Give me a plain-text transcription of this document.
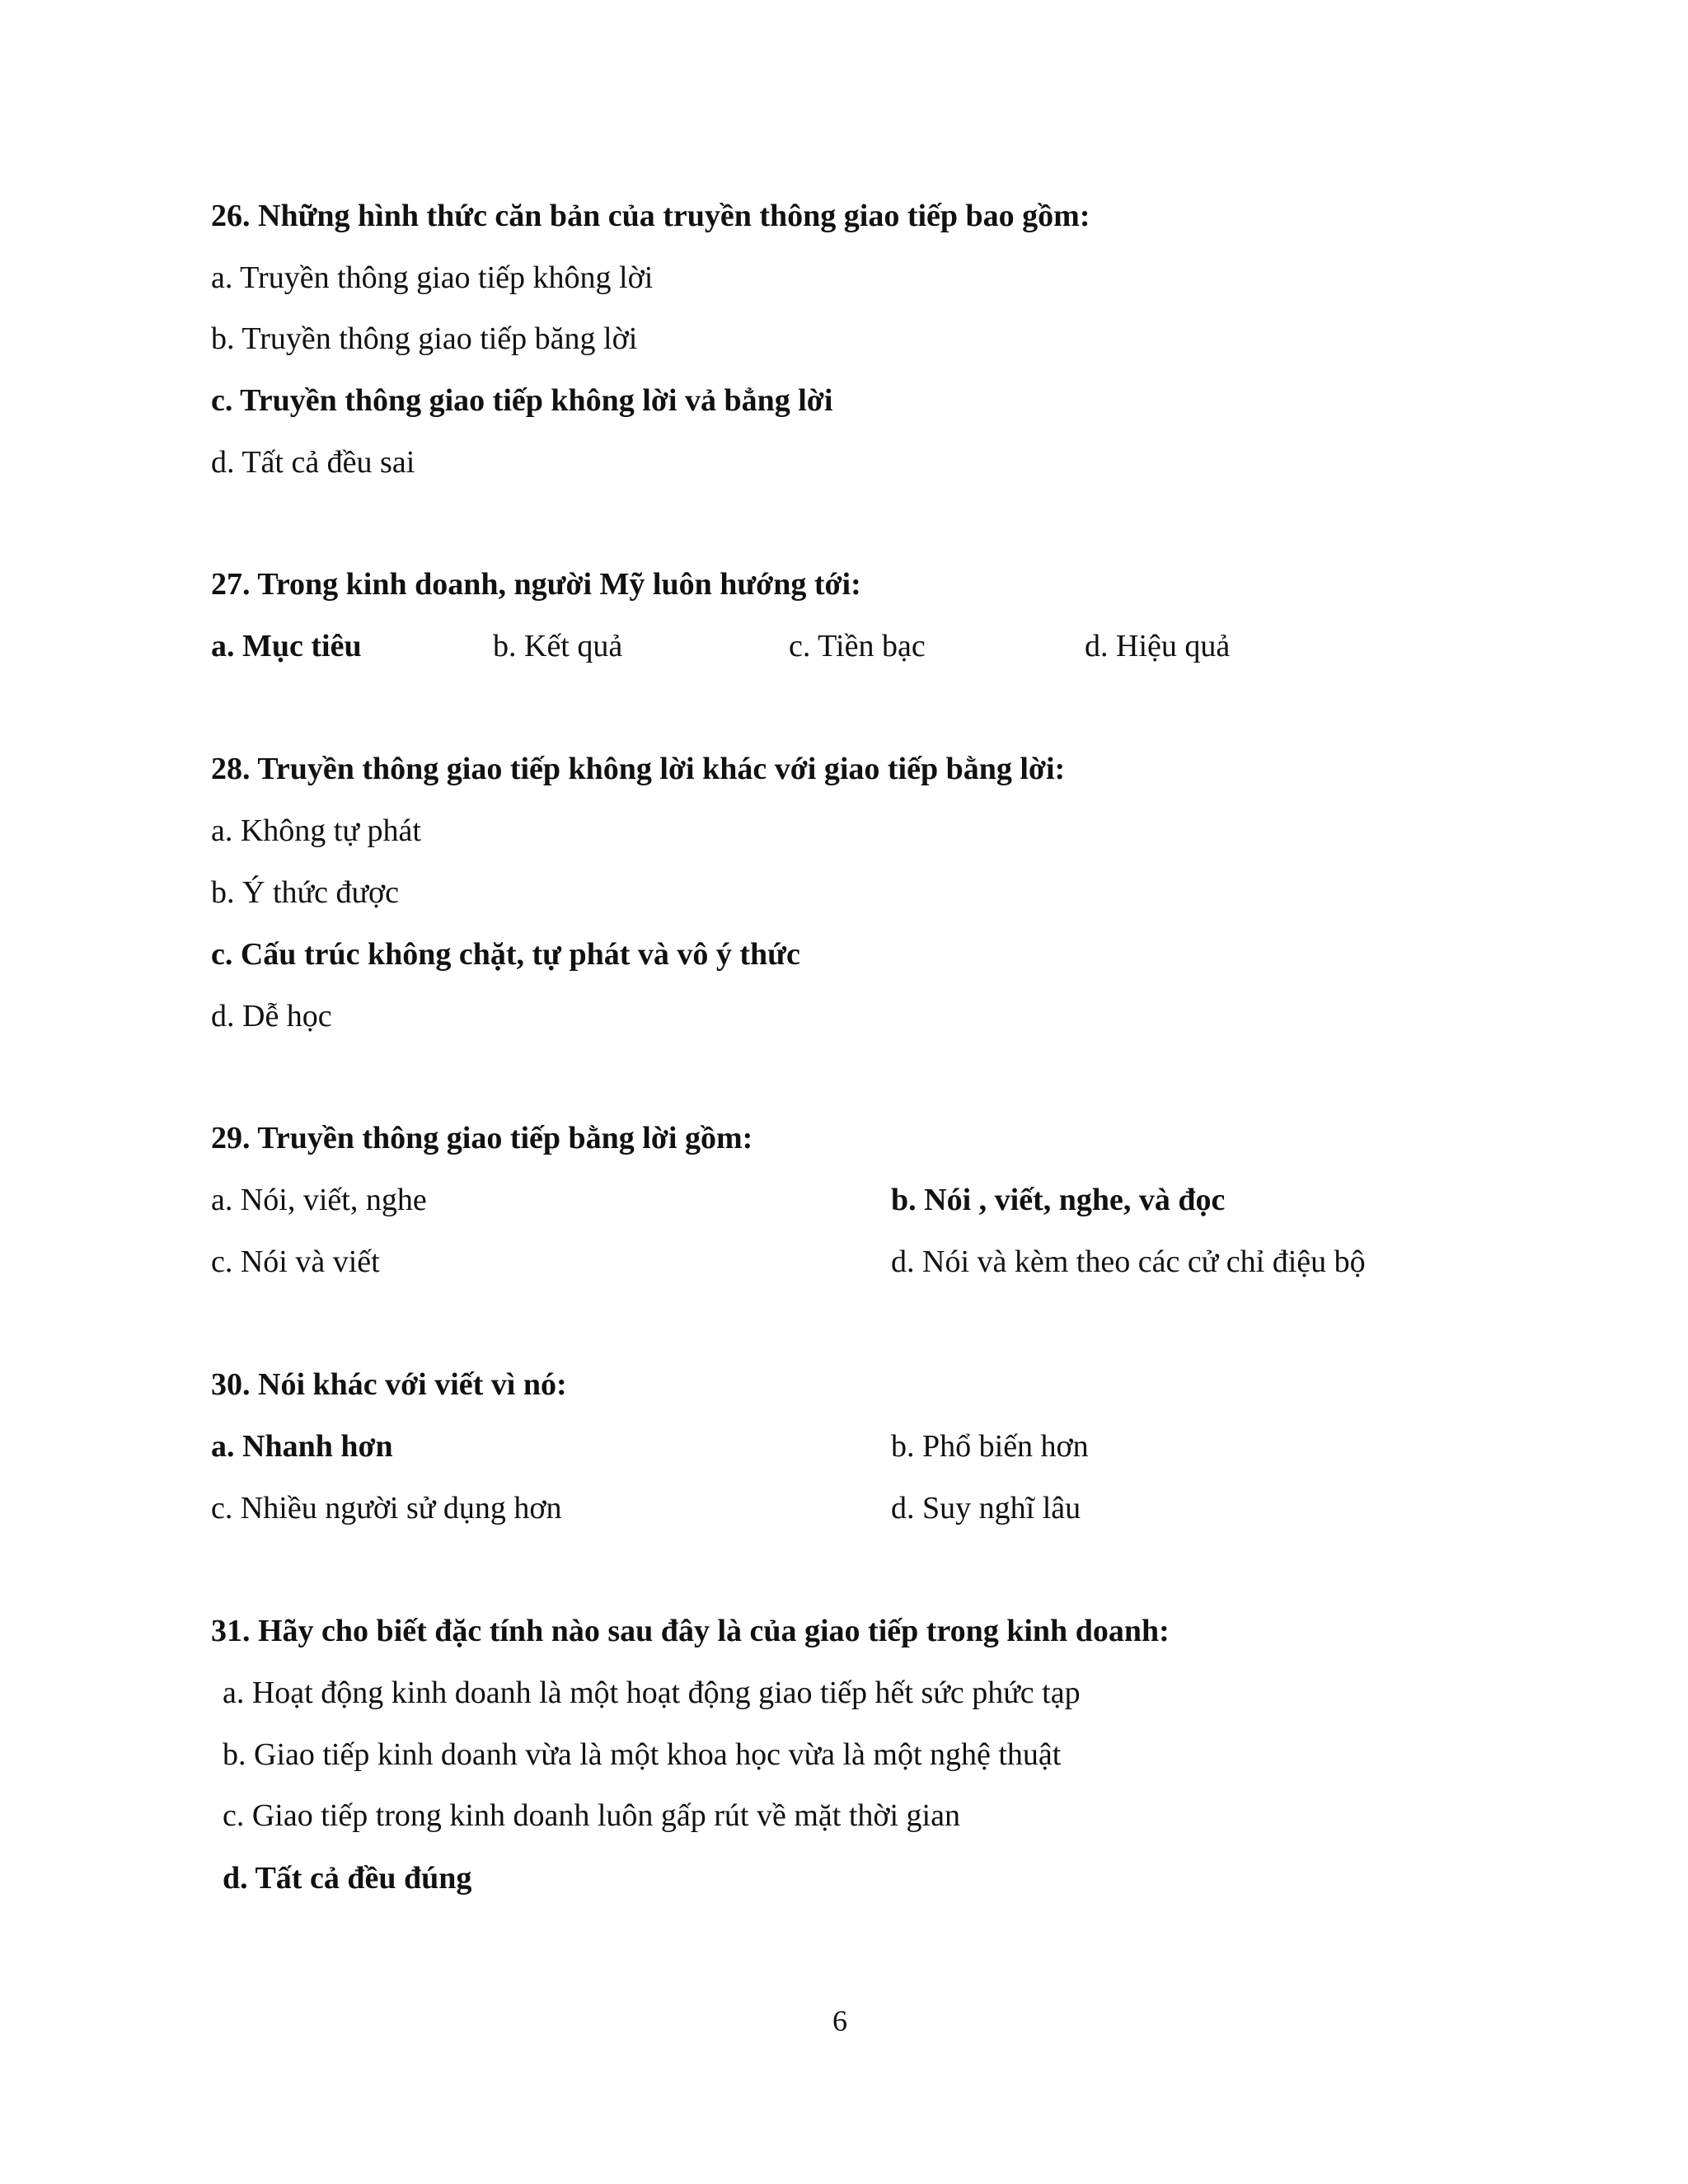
26. Những hình thức căn bản của truyền thông giao tiếp bao gồm:
a. Truyền thông giao tiếp không lời
b. Truyền thông giao tiếp băng lời
c. Truyền thông giao tiếp không lời vả bẳng lời
d. Tất cả đều sai
27. Trong kinh doanh, người Mỹ luôn hướng tới:
a. Mục tiêu	b. Kết quả	c. Tiền bạc	d. Hiệu quả
28. Truyền thông giao tiếp không lời khác với giao tiếp bằng lời:
a. Không tự phát
b. Ý thức được
c. Cấu trúc không chặt, tự phát và vô ý thức
d. Dễ học
29. Truyền thông giao tiếp bằng lời gồm:
a. Nói, viết, nghe	b. Nói , viết, nghe, và đọc
c. Nói và viết	d. Nói và kèm theo các cử chỉ điệu bộ
30. Nói khác với viết vì nó:
a. Nhanh hơn	b. Phổ biến hơn
c. Nhiều người sử dụng hơn	d. Suy nghĩ lâu
31. Hãy cho biết đặc tính nào sau đây là của giao tiếp trong kinh doanh:
a. Hoạt động kinh doanh là một hoạt động giao tiếp hết sức phức tạp
b. Giao tiếp kinh doanh vừa là một khoa học vừa là một nghệ thuật
c. Giao tiếp trong kinh doanh luôn gấp rút về mặt thời gian
d. Tất cả đều đúng
6
